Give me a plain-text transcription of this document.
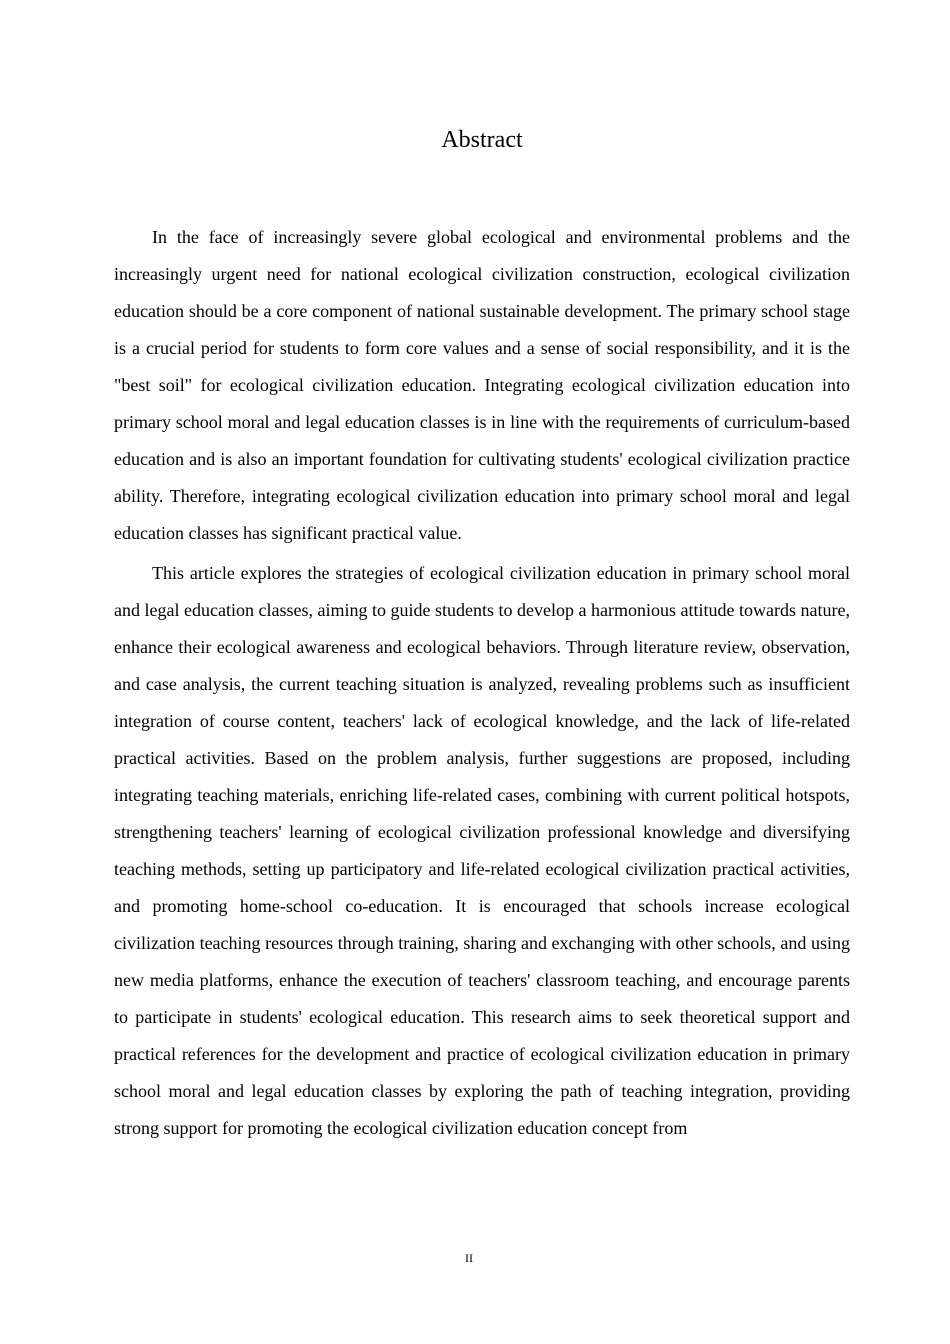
Abstract

In the face of increasingly severe global ecological and environmental problems and the increasingly urgent need for national ecological civilization construction, ecological civilization education should be a core component of national sustainable development. The primary school stage is a crucial period for students to form core values and a sense of social responsibility, and it is the "best soil" for ecological civilization education. Integrating ecological civilization education into primary school moral and legal education classes is in line with the requirements of curriculum-based education and is also an important foundation for cultivating students' ecological civilization practice ability. Therefore, integrating ecological civilization education into primary school moral and legal education classes has significant practical value.

This article explores the strategies of ecological civilization education in primary school moral and legal education classes, aiming to guide students to develop a harmonious attitude towards nature, enhance their ecological awareness and ecological behaviors. Through literature review, observation, and case analysis, the current teaching situation is analyzed, revealing problems such as insufficient integration of course content, teachers' lack of ecological knowledge, and the lack of life-related practical activities. Based on the problem analysis, further suggestions are proposed, including integrating teaching materials, enriching life-related cases, combining with current political hotspots, strengthening teachers' learning of ecological civilization professional knowledge and diversifying teaching methods, setting up participatory and life-related ecological civilization practical activities, and promoting home-school co-education. It is encouraged that schools increase ecological civilization teaching resources through training, sharing and exchanging with other schools, and using new media platforms, enhance the execution of teachers' classroom teaching, and encourage parents to participate in students' ecological education. This research aims to seek theoretical support and practical references for the development and practice of ecological civilization education in primary school moral and legal education classes by exploring the path of teaching integration, providing strong support for promoting the ecological civilization education concept from

II
